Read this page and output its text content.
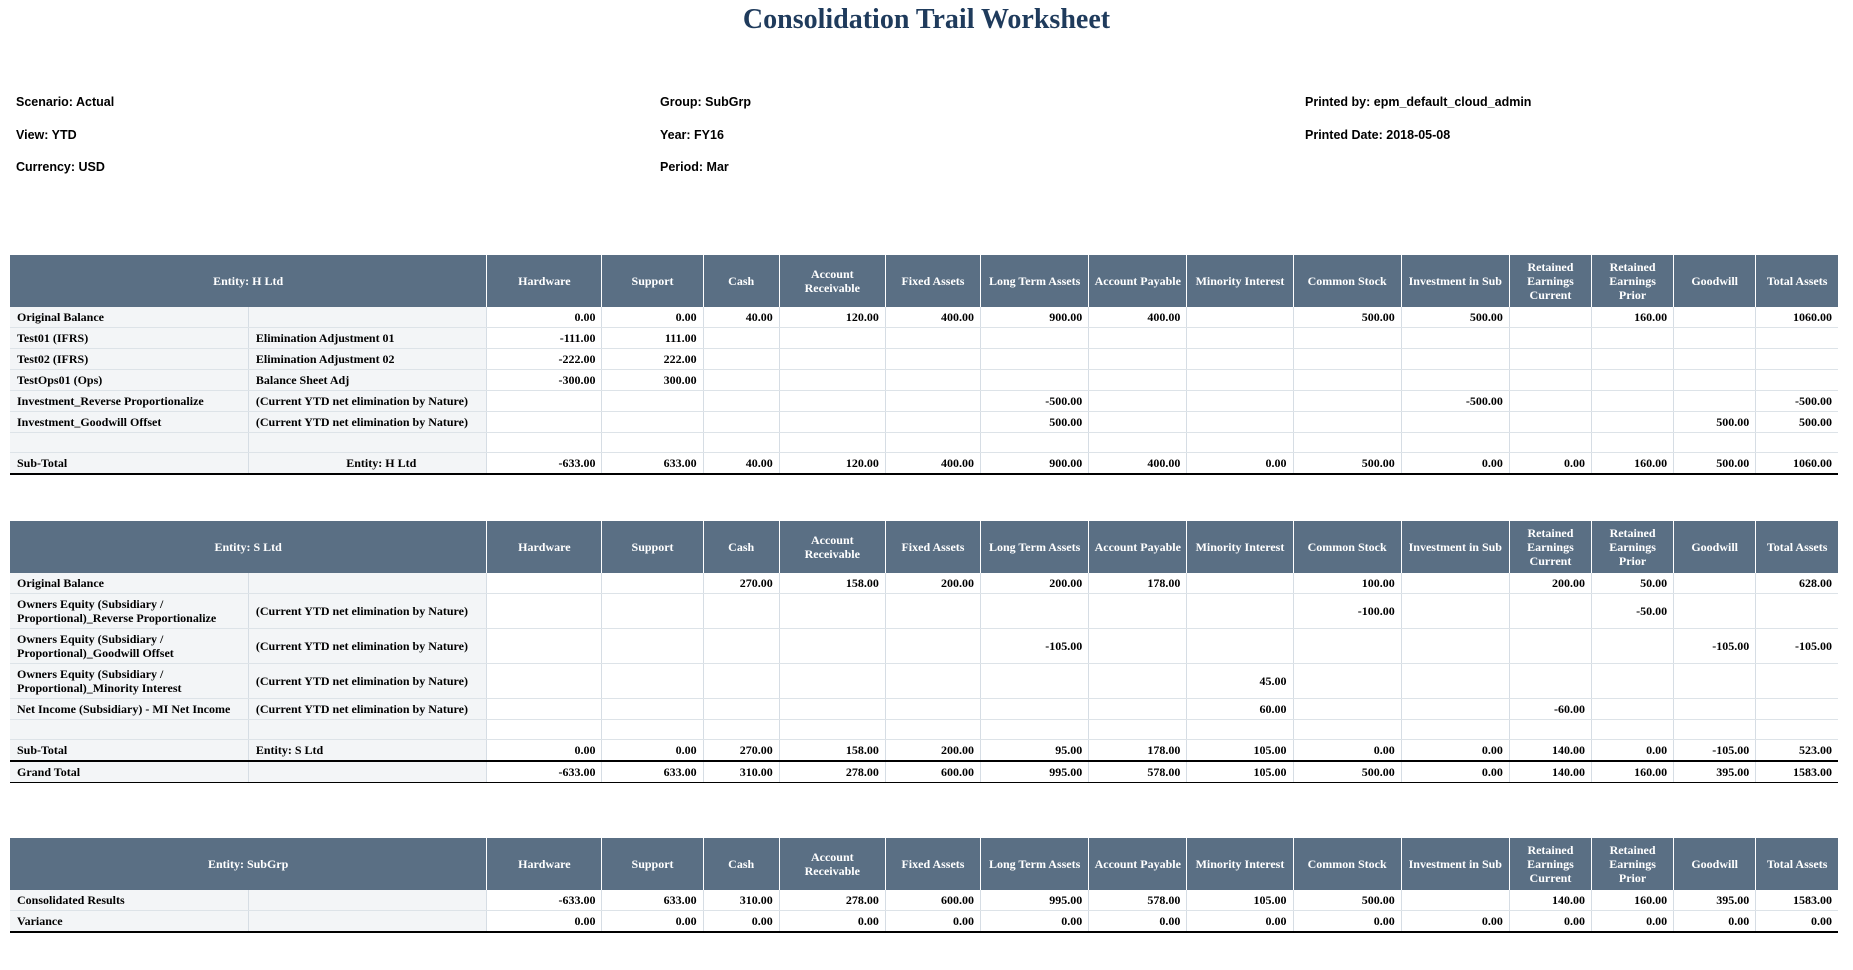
Consolidation Trail Worksheet
Scenario: Actual
View: YTD
Currency: USD
Group: SubGrp
Year: FY16
Period: Mar
Printed by: epm_default_cloud_admin
Printed Date: 2018-05-08
Entity: H Ltd		Hardware	Support	Cash	Account Receivable	Fixed Assets	Long Term Assets	Account Payable	Minority Interest	Common Stock	Investment in Sub	Retained Earnings Current	Retained Earnings Prior	Goodwill	Total Assets
Original Balance		0.00	0.00	40.00	120.00	400.00	900.00	400.00		500.00	500.00		160.00		1060.00
Test01 (IFRS)	Elimination Adjustment 01	-111.00	111.00												
Test02 (IFRS)	Elimination Adjustment 02	-222.00	222.00												
TestOps01 (Ops)	Balance Sheet Adj	-300.00	300.00												
Investment_Reverse Proportionalize	(Current YTD net elimination by Nature)						-500.00				-500.00				-500.00
Investment_Goodwill Offset	(Current YTD net elimination by Nature)						500.00							500.00	500.00

Sub-Total	Entity: H Ltd	-633.00	633.00	40.00	120.00	400.00	900.00	400.00	0.00	500.00	0.00	0.00	160.00	500.00	1060.00
Entity: S Ltd		Hardware	Support	Cash	Account Receivable	Fixed Assets	Long Term Assets	Account Payable	Minority Interest	Common Stock	Investment in Sub	Retained Earnings Current	Retained Earnings Prior	Goodwill	Total Assets
Original Balance				270.00	158.00	200.00	200.00	178.00		100.00		200.00	50.00		628.00
Owners Equity (Subsidiary / Proportional)_Reverse Proportionalize	(Current YTD net elimination by Nature)									-100.00			-50.00		
Owners Equity (Subsidiary / Proportional)_Goodwill Offset	(Current YTD net elimination by Nature)						-105.00							-105.00	-105.00
Owners Equity (Subsidiary / Proportional)_Minority Interest	(Current YTD net elimination by Nature)								45.00						
Net Income (Subsidiary) - MI Net Income	(Current YTD net elimination by Nature)								60.00			-60.00			

Sub-Total	Entity: S Ltd	0.00	0.00	270.00	158.00	200.00	95.00	178.00	105.00	0.00	0.00	140.00	0.00	-105.00	523.00
Grand Total		-633.00	633.00	310.00	278.00	600.00	995.00	578.00	105.00	500.00	0.00	140.00	160.00	395.00	1583.00
Entity: SubGrp		Hardware	Support	Cash	Account Receivable	Fixed Assets	Long Term Assets	Account Payable	Minority Interest	Common Stock	Investment in Sub	Retained Earnings Current	Retained Earnings Prior	Goodwill	Total Assets
Consolidated Results		-633.00	633.00	310.00	278.00	600.00	995.00	578.00	105.00	500.00		140.00	160.00	395.00	1583.00
Variance		0.00	0.00	0.00	0.00	0.00	0.00	0.00	0.00	0.00	0.00	0.00	0.00	0.00	0.00
